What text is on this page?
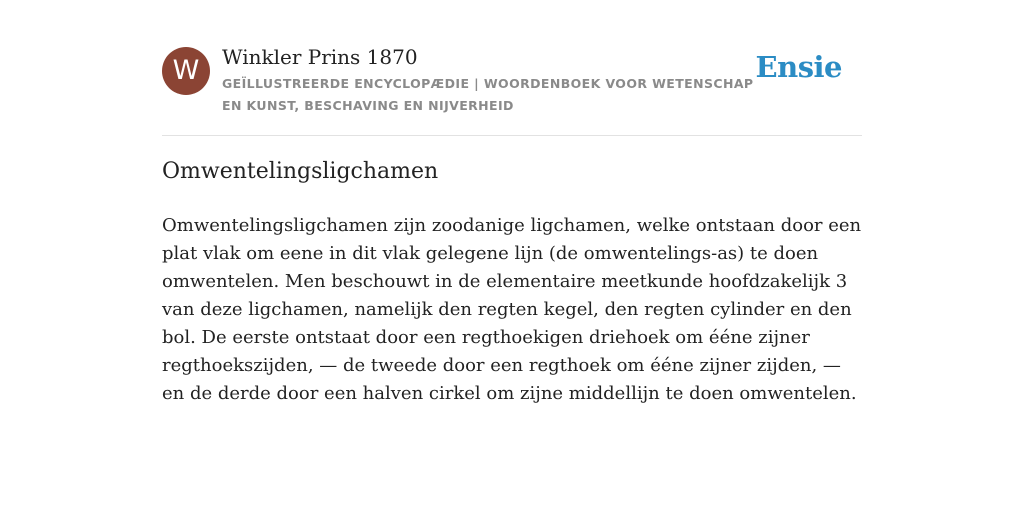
W	Winkler Prins 1870
GEÏLLUSTREERDE ENCYCLOPÆDIE | WOORDENBOEK VOOR WETENSCHAP EN KUNST, BESCHAVING EN NIJVERHEID
Ensie
Omwentelingsligchamen

Omwentelingsligchamen zijn zoodanige ligchamen, welke ontstaan door een plat vlak om eene in dit vlak gelegene lijn (de omwentelings-as) te doen omwentelen. Men beschouwt in de elementaire meetkunde hoofdzakelijk 3 van deze ligchamen, namelijk den regten kegel, den regten cylinder en den bol. De eerste ontstaat door een regthoekigen driehoek om ééne zijner regthoekszijden, — de tweede door een regthoek om ééne zijner zijden, — en de derde door een halven cirkel om zijne middellijn te doen omwentelen.
